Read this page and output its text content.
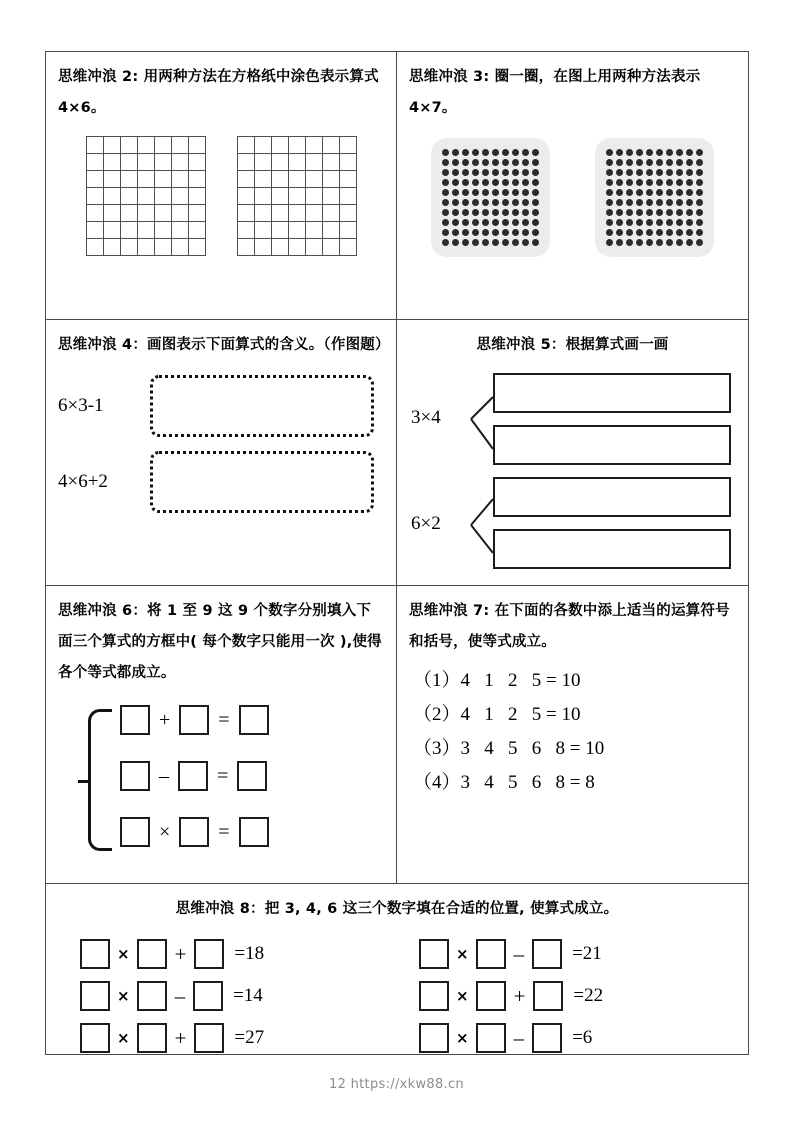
思维冲浪 2: 用两种方法在方格纸中涂色表示算式 4×6。
思维冲浪 3: 圈一圈，在图上用两种方法表示 4×7。
思维冲浪 4：画图表示下面算式的含义。（作图题）
6×3-1
4×6+2
思维冲浪 5：根据算式画一画
3×4
6×2
思维冲浪 6：将 1 至 9 这 9 个数字分别填入下面三个算式的方框中( 每个数字只能用一次 ),使得各个等式都成立。
+	=
–	=
×	=
思维冲浪 7: 在下面的各数中添上适当的运算符号和括号，使等式成立。
（1）4   1   2   5 = 10
（2）4   1   2   5 = 10
（3）3   4   5   6   8 = 10
（4）3   4   5   6   8 = 8
思维冲浪 8：把 3, 4, 6 这三个数字填在合适的位置, 使算式成立。
×	+	=18
×	–	=14
×	+	=27
×	–	=21
×	+	=22
×	–	=6
12 https://xkw88.cn
